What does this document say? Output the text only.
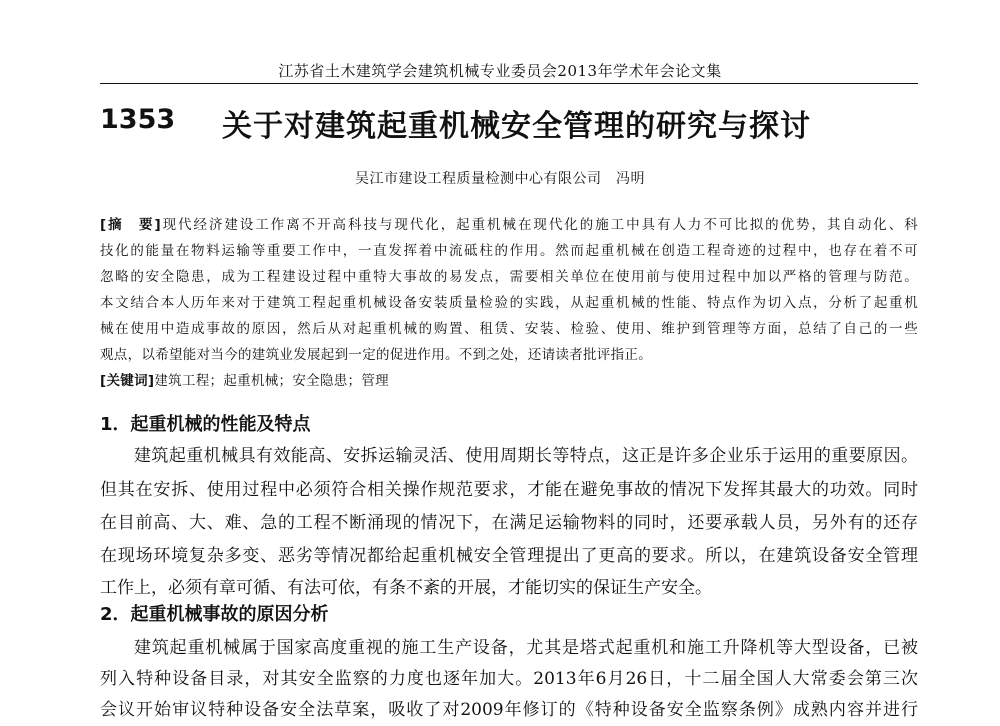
江苏省土木建筑学会建筑机械专业委员会2013年学术年会论文集
1353 关于对建筑起重机械安全管理的研究与探讨
吴江市建设工程质量检测中心有限公司　 冯明
[摘　要]现代经济建设工作离不开高科技与现代化，起重机械在现代化的施工中具有人力不可比拟的优势，其自动化、科
技化的能量在物料运输等重要工作中，一直发挥着中流砥柱的作用。然而起重机械在创造工程奇迹的过程中，也存在着不可
忽略的安全隐患，成为工程建设过程中重特大事故的易发点，需要相关单位在使用前与使用过程中加以严格的管理与防范。
本文结合本人历年来对于建筑工程起重机械设备安装质量检验的实践，从起重机械的性能、特点作为切入点，分析了起重机
械在使用中造成事故的原因，然后从对起重机械的购置、租赁、安装、检验、使用、维护到管理等方面，总结了自己的一些
观点，以希望能对当今的建筑业发展起到一定的促进作用。不到之处，还请读者批评指正。
[关键词]建筑工程；起重机械；安全隐患；管理
1．起重机械的性能及特点
建筑起重机械具有效能高、安拆运输灵活、使用周期长等特点，这正是许多企业乐于运用的重要原因。
但其在安拆、使用过程中必须符合相关操作规范要求，才能在避免事故的情况下发挥其最大的功效。同时
在目前高、大、难、急的工程不断涌现的情况下，在满足运输物料的同时，还要承载人员，另外有的还存
在现场环境复杂多变、恶劣等情况都给起重机械安全管理提出了更高的要求。所以，在建筑设备安全管理
工作上，必须有章可循、有法可依，有条不紊的开展，才能切实的保证生产安全。
2．起重机械事故的原因分析
建筑起重机械属于国家高度重视的施工生产设备，尤其是塔式起重机和施工升降机等大型设备，已被
列入特种设备目录，对其安全监察的力度也逐年加大。2013年6月26日，十二届全国人大常委会第三次
会议开始审议特种设备安全法草案，吸收了对2009年修订的《特种设备安全监察条例》成熟内容并进行
